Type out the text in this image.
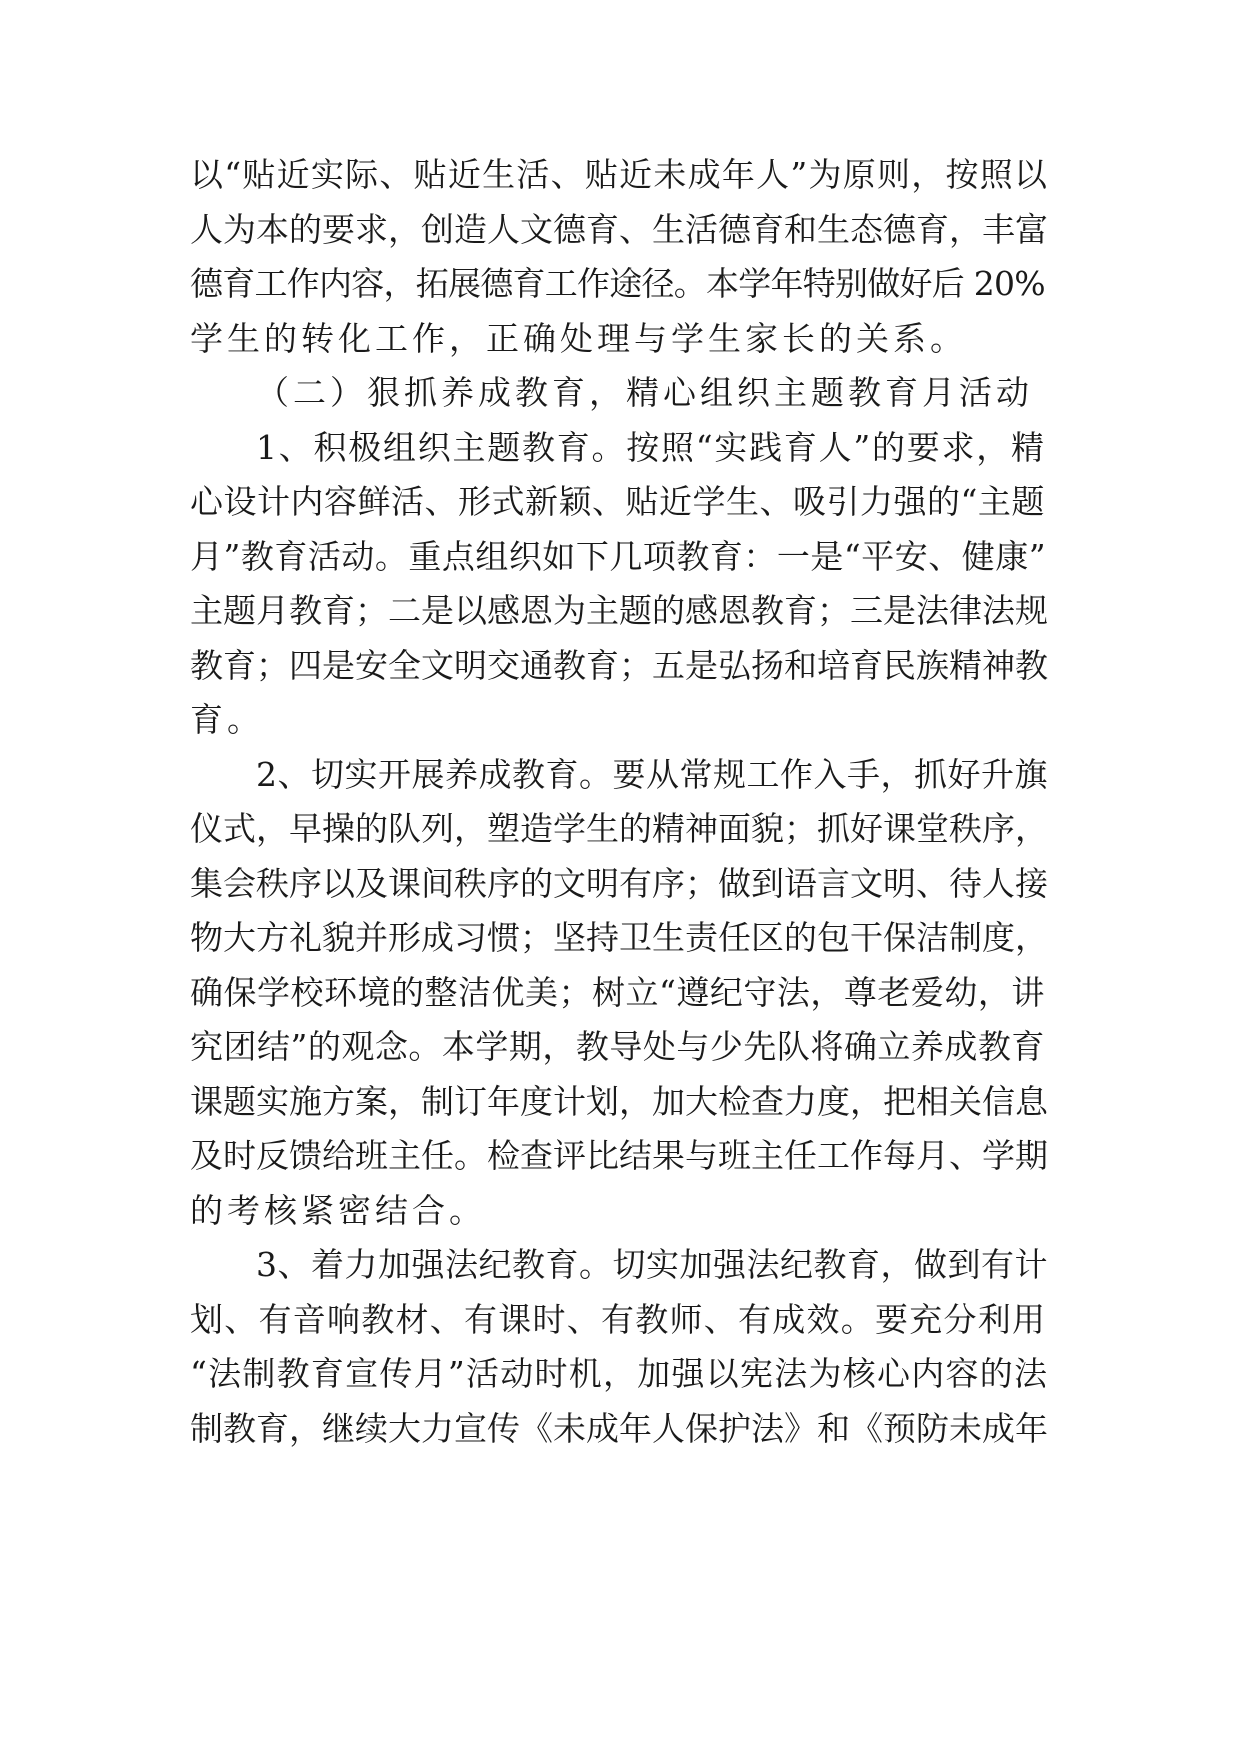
以“贴近实际、贴近生活、贴近未成年人”为原则，按照以
人为本的要求，创造人文德育、生活德育和生态德育，丰富
德育工作内容，拓展德育工作途径。本学年特别做好后 20%
学生的转化工作，正确处理与学生家长的关系。
（二）狠抓养成教育，精心组织主题教育月活动
1、积极组织主题教育。按照“实践育人”的要求，精
心设计内容鲜活、形式新颖、贴近学生、吸引力强的“主题
月”教育活动。重点组织如下几项教育：一是“平安、健康”
主题月教育；二是以感恩为主题的感恩教育；三是法律法规
教育；四是安全文明交通教育；五是弘扬和培育民族精神教
育。
2、切实开展养成教育。要从常规工作入手，抓好升旗
仪式，早操的队列，塑造学生的精神面貌；抓好课堂秩序，
集会秩序以及课间秩序的文明有序；做到语言文明、待人接
物大方礼貌并形成习惯；坚持卫生责任区的包干保洁制度，
确保学校环境的整洁优美；树立“遵纪守法，尊老爱幼，讲
究团结”的观念。本学期，教导处与少先队将确立养成教育
课题实施方案，制订年度计划，加大检查力度，把相关信息
及时反馈给班主任。检查评比结果与班主任工作每月、学期
的考核紧密结合。
3、着力加强法纪教育。切实加强法纪教育，做到有计
划、有音响教材、有课时、有教师、有成效。要充分利用
“法制教育宣传月”活动时机，加强以宪法为核心内容的法
制教育，继续大力宣传《未成年人保护法》和《预防未成年
